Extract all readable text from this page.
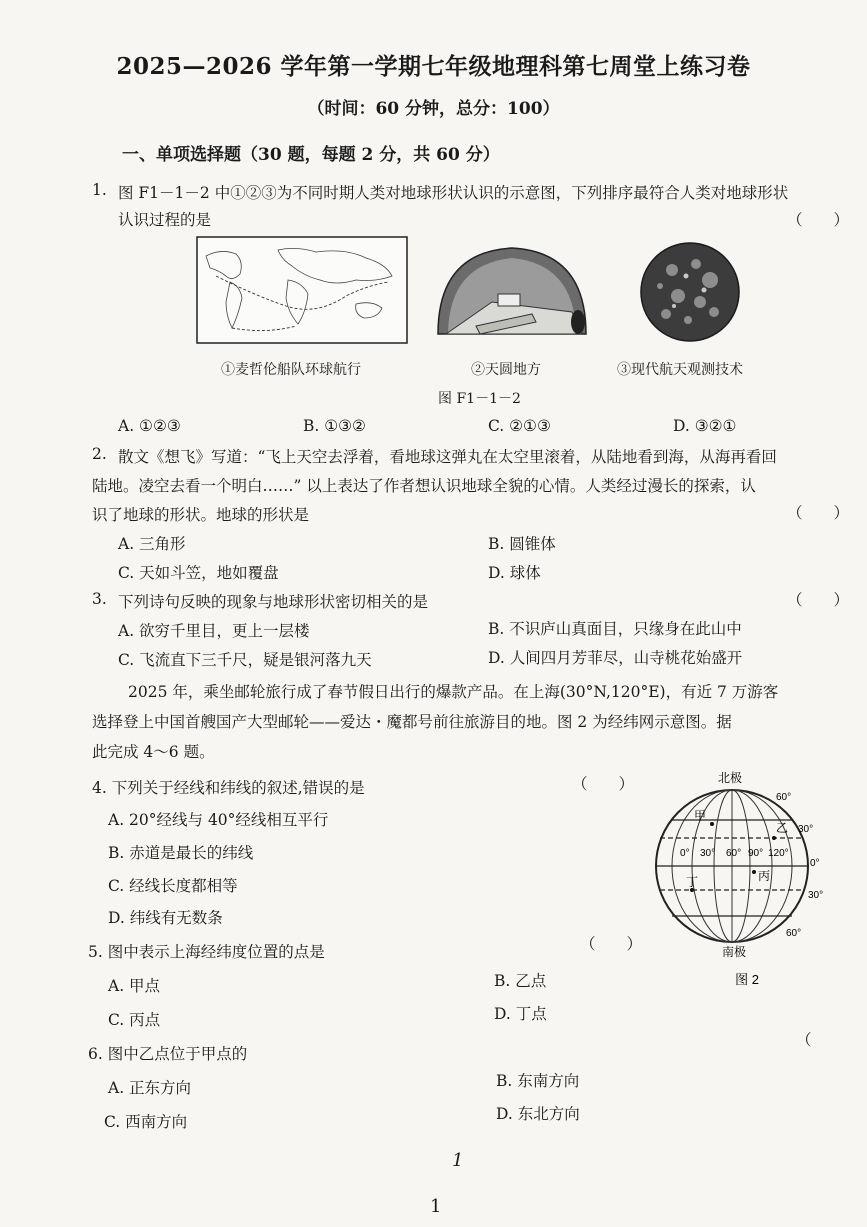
2025—2026 学年第一学期七年级地理科第七周堂上练习卷
（时间：60 分钟，总分：100）
一、单项选择题（30 题，每题 2 分，共 60 分）
1. 图 F1－1－2 中①②③为不同时期人类对地球形状认识的示意图，下列排序最符合人类对地球形状
认识过程的是	（　　）
①麦哲伦船队环球航行	②天圆地方	③现代航天观测技术
图 F1－1－2
A. ①②③	B. ①③②	C. ②①③	D. ③②①
2. 散文《想飞》写道：“飞上天空去浮着，看地球这弹丸在太空里滚着，从陆地看到海，从海再看回
陆地。凌空去看一个明白……” 以上表达了作者想认识地球全貌的心情。人类经过漫长的探索，认
识了地球的形状。地球的形状是	（　　）
A. 三角形	B. 圆锥体
C. 天如斗笠，地如覆盘	D. 球体
3. 下列诗句反映的现象与地球形状密切相关的是	（　　）
A. 欲穷千里目，更上一层楼	B. 不识庐山真面目，只缘身在此山中
C. 飞流直下三千尺，疑是银河落九天	D. 人间四月芳菲尽，山寺桃花始盛开
2025 年，乘坐邮轮旅行成了春节假日出行的爆款产品。在上海(30°N,120°E)，有近 7 万游客
选择登上中国首艘国产大型邮轮——爱达・魔都号前往旅游目的地。图 2 为经纬网示意图。据
此完成 4～6 题。
4. 下列关于经线和纬线的叙述,错误的是	（　　）
A. 20°经线与 40°经线相互平行
B. 赤道是最长的纬线
C. 经线长度都相等
D. 纬线有无数条
5. 图中表示上海经纬度位置的点是	（　　）
A. 甲点	B. 乙点
C. 丙点	D. 丁点
6. 图中乙点位于甲点的
（　
A. 正东方向	B. 东南方向
C. 西南方向	D. 东北方向
北极
南极
图 2
60°
30°
0°
30°
60°
0° 30° 60° 90° 120°
甲
乙
丙
丁
1
1
